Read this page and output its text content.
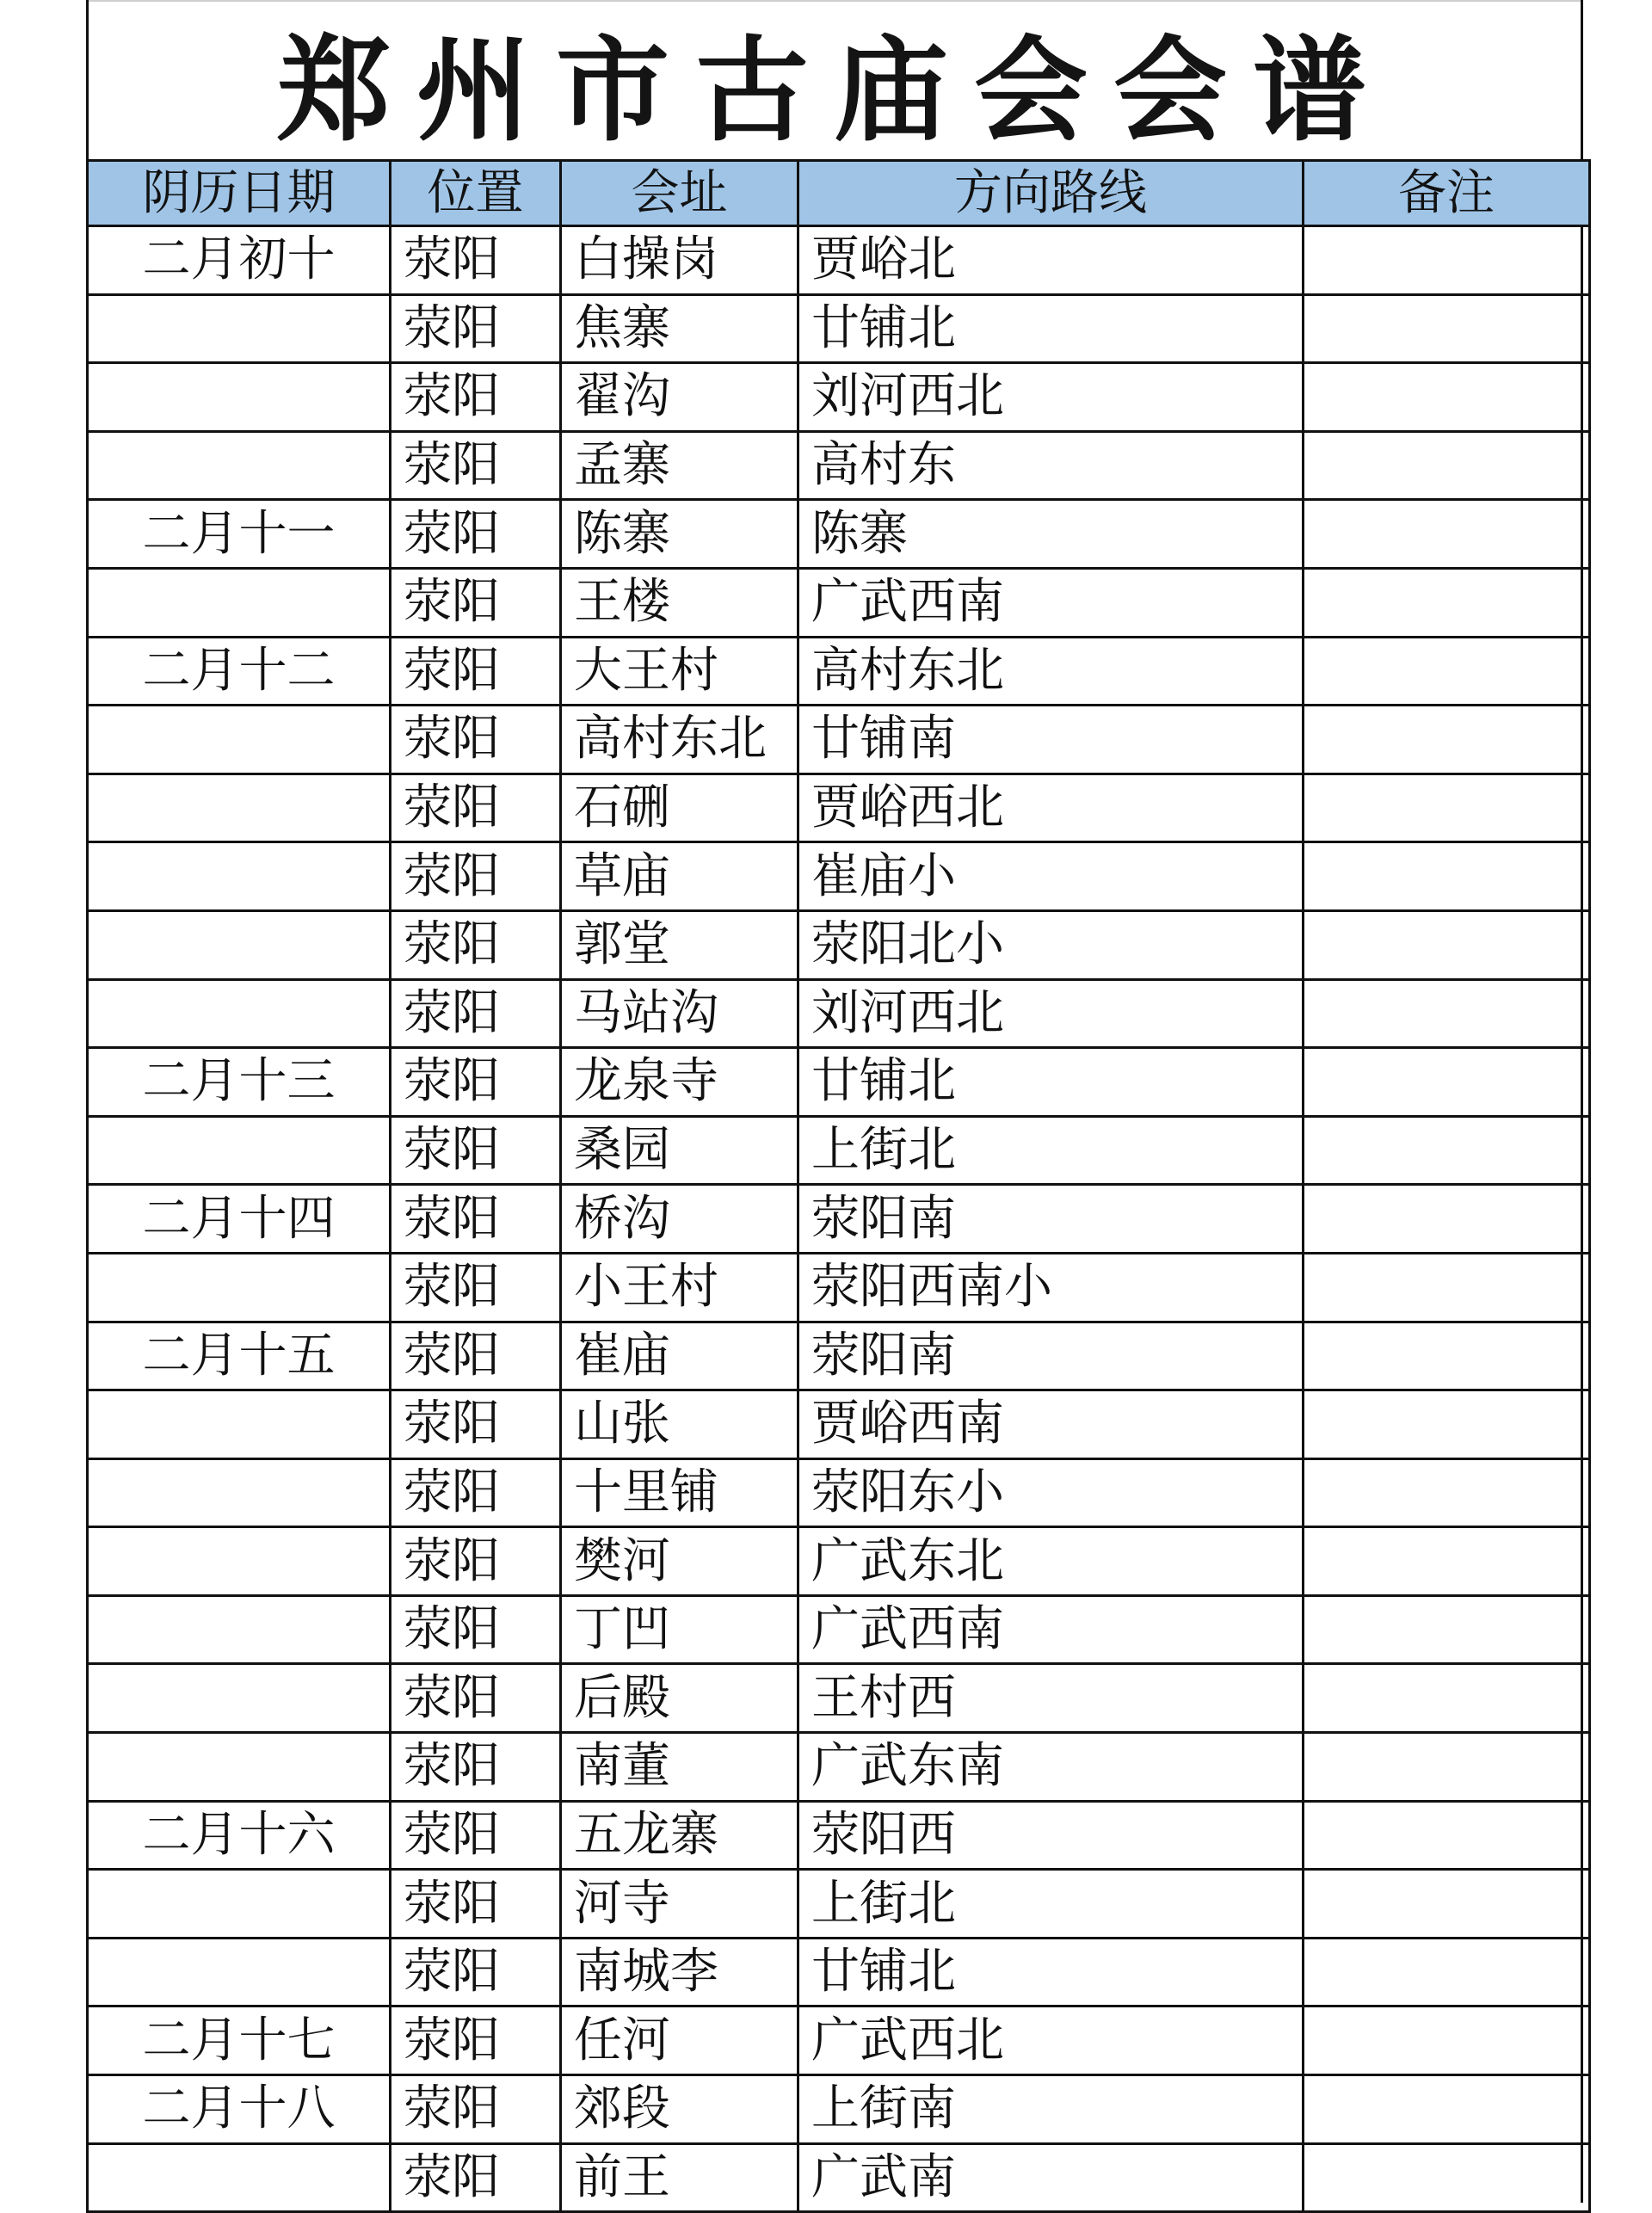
郑州市古庙会会谱
阴历日期	位置	会址	方向路线	备注
二月初十	荥阳	白操岗	贾峪北	
	荥阳	焦寨	廿铺北	
	荥阳	翟沟	刘河西北	
	荥阳	孟寨	高村东	
二月十一	荥阳	陈寨	陈寨	
	荥阳	王楼	广武西南	
二月十二	荥阳	大王村	高村东北	
	荥阳	高村东北	廿铺南	
	荥阳	石硎	贾峪西北	
	荥阳	草庙	崔庙小	
	荥阳	郭堂	荥阳北小	
	荥阳	马站沟	刘河西北	
二月十三	荥阳	龙泉寺	廿铺北	
	荥阳	桑园	上街北	
二月十四	荥阳	桥沟	荥阳南	
	荥阳	小王村	荥阳西南小	
二月十五	荥阳	崔庙	荥阳南	
	荥阳	山张	贾峪西南	
	荥阳	十里铺	荥阳东小	
	荥阳	樊河	广武东北	
	荥阳	丁凹	广武西南	
	荥阳	后殿	王村西	
	荥阳	南董	广武东南	
二月十六	荥阳	五龙寨	荥阳西	
	荥阳	河寺	上街北	
	荥阳	南城李	廿铺北	
二月十七	荥阳	任河	广武西北	
二月十八	荥阳	郊段	上街南	
	荥阳	前王	广武南	
